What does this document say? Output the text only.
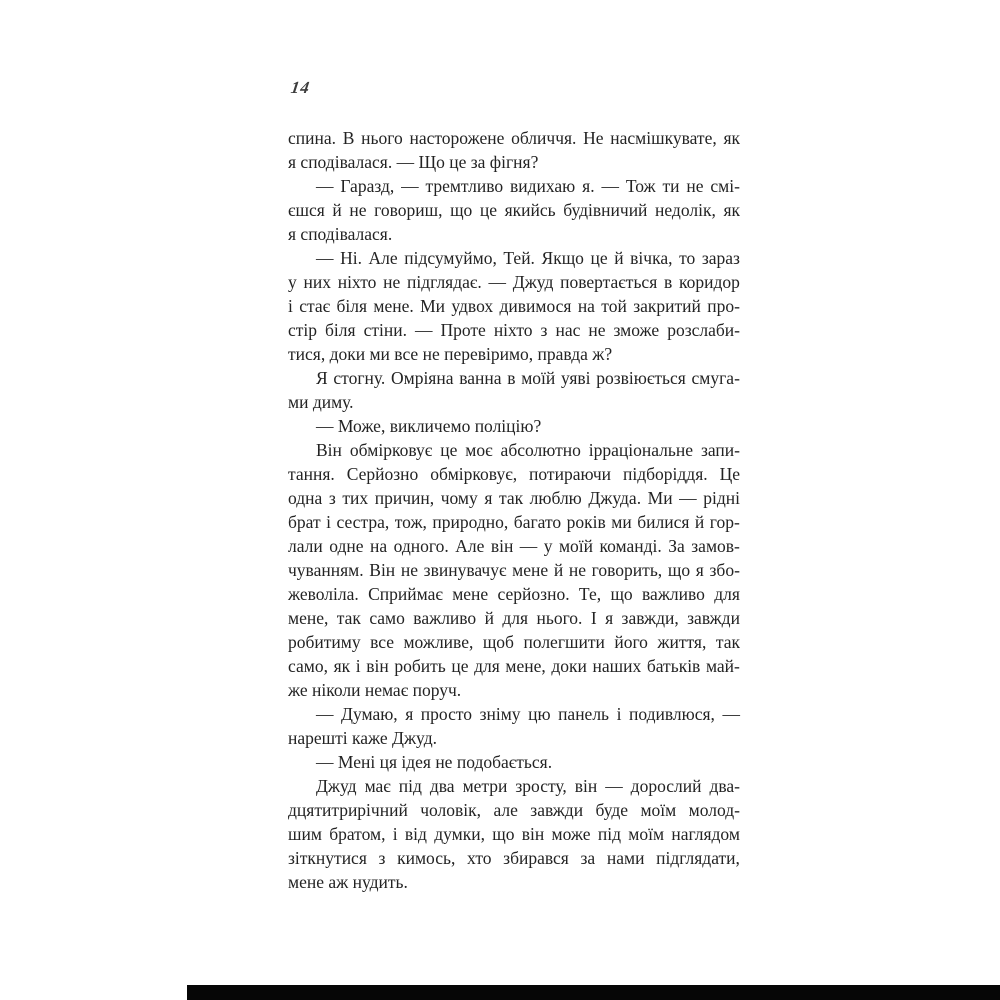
14
спина. В нього насторожене обличчя. Не насмішкувате, як
я сподівалася. — Що це за фігня?
— Гаразд, — тремтливо видихаю я. — Тож ти не смі-
єшся й не говориш, що це якийсь будівничий недолік, як
я сподівалася.
— Ні. Але підсумуймо, Тей. Якщо це й вічка, то зараз
у них ніхто не підглядає. — Джуд повертається в коридор
і стає біля мене. Ми удвох дивимося на той закритий про-
стір біля стіни. — Проте ніхто з нас не зможе розслаби-
тися, доки ми все не перевіримо, правда ж?
Я стогну. Омріяна ванна в моїй уяві розвіюється смуга-
ми диму.
— Може, викличемо поліцію?
Він обмірковує це моє абсолютно ірраціональне запи-
тання. Серйозно обмірковує, потираючи підборіддя. Це
одна з тих причин, чому я так люблю Джуда. Ми — рідні
брат і сестра, тож, природно, багато років ми билися й гор-
лали одне на одного. Але він — у моїй команді. За замов-
чуванням. Він не звинувачує мене й не говорить, що я збо-
жеволіла. Сприймає мене серйозно. Те, що важливо для
мене, так само важливо й для нього. І я завжди, завжди
робитиму все можливе, щоб полегшити його життя, так
само, як і він робить це для мене, доки наших батьків май-
же ніколи немає поруч.
— Думаю, я просто зніму цю панель і подивлюся, —
нарешті каже Джуд.
— Мені ця ідея не подобається.
Джуд має під два метри зросту, він — дорослий два-
дцятитрирічний чоловік, але завжди буде моїм молод-
шим братом, і від думки, що він може під моїм наглядом
зіткнутися з кимось, хто збирався за нами підглядати,
мене аж нудить.
